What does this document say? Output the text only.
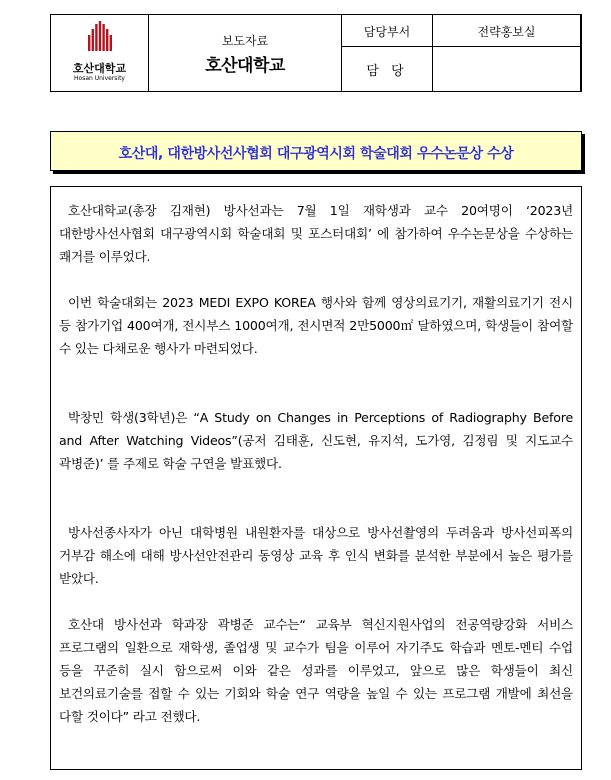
호산대학교
Hosan University
보도자료
호산대학교
담당부서	전략홍보실
담 당
호산대, 대한방사선사협회 대구광역시회 학술대회 우수논문상 수상

호산대학교(총장 김재현) 방사선과는 7월 1일 재학생과 교수 20여명이 ‘2023년 대한방사선사협회 대구광역시회 학술대회 및 포스터대회’ 에 참가하여 우수논문상을 수상하는 쾌거를 이루었다.

이번 학술대회는 2023 MEDI EXPO KOREA 행사와 함께 영상의료기기, 재활의료기기 전시 등 참가기업 400여개, 전시부스 1000여개, 전시면적 2만5000㎡ 달하였으며, 학생들이 참여할 수 있는 다채로운 행사가 마련되었다.

박창민 학생(3학년)은 “A Study on Changes in Perceptions of Radiography Before and After Watching Videos”(공저 김태훈, 신도현, 유지석, 도가영, 김정림 및 지도교수 곽병준)’ 를 주제로 학술 구연을 발표했다.

방사선종사자가 아닌 대학병원 내원환자를 대상으로 방사선촬영의 두려움과 방사선피폭의 거부감 해소에 대해 방사선안전관리 동영상 교육 후 인식 변화를 분석한 부분에서 높은 평가를 받았다.

호산대 방사선과 학과장 곽병준 교수는“ 교육부 혁신지원사업의 전공역량강화 서비스 프로그램의 일환으로 재학생, 졸업생 및 교수가 팀을 이루어 자기주도 학습과 멘토-멘티 수업 등을 꾸준히 실시 함으로써 이와 같은 성과를 이루었고, 앞으로 많은 학생들이 최신 보건의료기술를 접할 수 있는 기회와 학술 연구 역량을 높일 수 있는 프로그램 개발에 최선을 다할 것이다” 라고 전했다.
